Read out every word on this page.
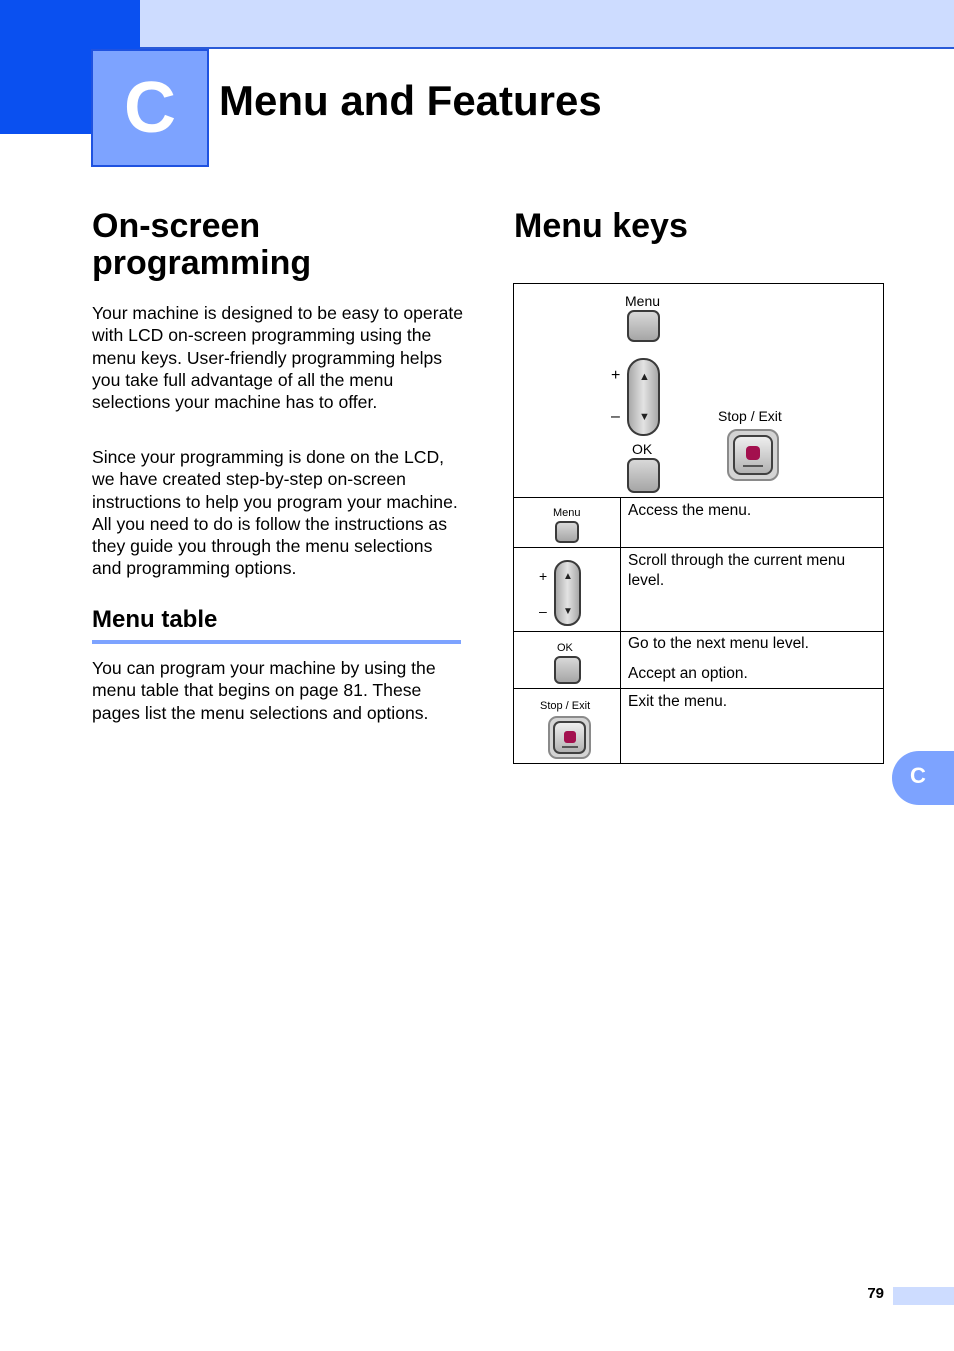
C Menu and Features
On-screen programming

Your machine is designed to be easy to operate with LCD on-screen programming using the menu keys. User-friendly programming helps you take full advantage of all the menu selections your machine has to offer.

Since your programming is done on the LCD, we have created step-by-step on-screen instructions to help you program your machine. All you need to do is follow the instructions as they guide you through the menu selections and programming options.

Menu table

You can program your machine by using the menu table that begins on page 81. These pages list the menu selections and options.

Menu keys
Menu
+
–
▲
▼
OK
Stop / Exit
Menu	Access the menu.
+
–
▲
▼
Scroll through the current menu level.
OK	Go to the next menu level.
Accept an option.
Stop / Exit Exit the menu.
C
79
